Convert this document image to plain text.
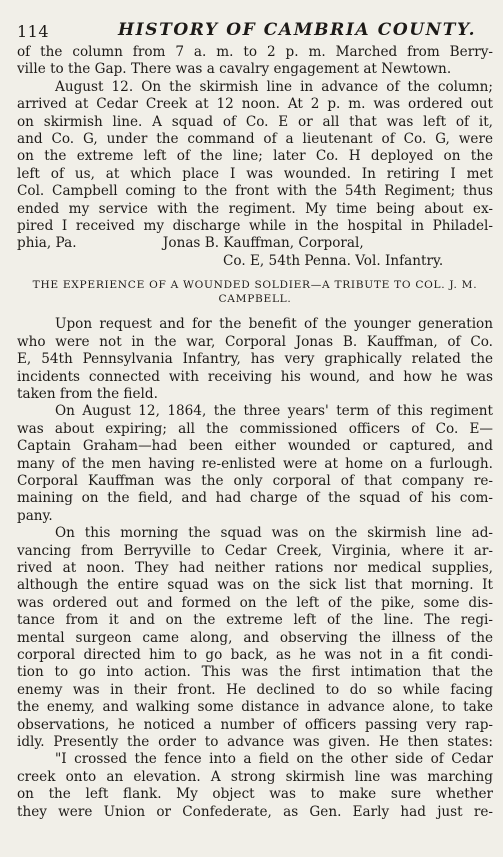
114	HISTORY OF CAMBRIA COUNTY.
of the column from 7 a. m. to 2 p. m. Marched from Berry-
ville to the Gap. There was a cavalry engagement at Newtown.
August 12. On the skirmish line in advance of the column;
arrived at Cedar Creek at 12 noon. At 2 p. m. was ordered out
on skirmish line. A squad of Co. E or all that was left of it,
and Co. G, under the command of a lieutenant of Co. G, were
on the extreme left of the line; later Co. H deployed on the
left of us, at which place I was wounded. In retiring I met
Col. Campbell coming to the front with the 54th Regiment; thus
ended my service with the regiment. My time being about ex-
pired I received my discharge while in the hospital in Philadel-
phia, Pa.                    Jonas B. Kauffman, Corporal,
Co. E, 54th Penna. Vol. Infantry.
THE EXPERIENCE OF A WOUNDED SOLDIER—A TRIBUTE TO COL. J. M.
CAMPBELL.
Upon request and for the benefit of the younger generation
who were not in the war, Corporal Jonas B. Kauffman, of Co.
E, 54th Pennsylvania Infantry, has very graphically related the
incidents connected with receiving his wound, and how he was
taken from the field.
On August 12, 1864, the three years' term of this regiment
was about expiring; all the commissioned officers of Co. E—
Captain Graham—had been either wounded or captured, and
many of the men having re-enlisted were at home on a furlough.
Corporal Kauffman was the only corporal of that company re-
maining on the field, and had charge of the squad of his com-
pany.
On this morning the squad was on the skirmish line ad-
vancing from Berryville to Cedar Creek, Virginia, where it ar-
rived at noon. They had neither rations nor medical supplies,
although the entire squad was on the sick list that morning. It
was ordered out and formed on the left of the pike, some dis-
tance from it and on the extreme left of the line. The regi-
mental surgeon came along, and observing the illness of the
corporal directed him to go back, as he was not in a fit condi-
tion to go into action. This was the first intimation that the
enemy was in their front. He declined to do so while facing
the enemy, and walking some distance in advance alone, to take
observations, he noticed a number of officers passing very rap-
idly. Presently the order to advance was given. He then states:
"I crossed the fence into a field on the other side of Cedar
creek onto an elevation. A strong skirmish line was marching
on the left flank. My object was to make sure whether
they were Union or Confederate, as Gen. Early had just re-
